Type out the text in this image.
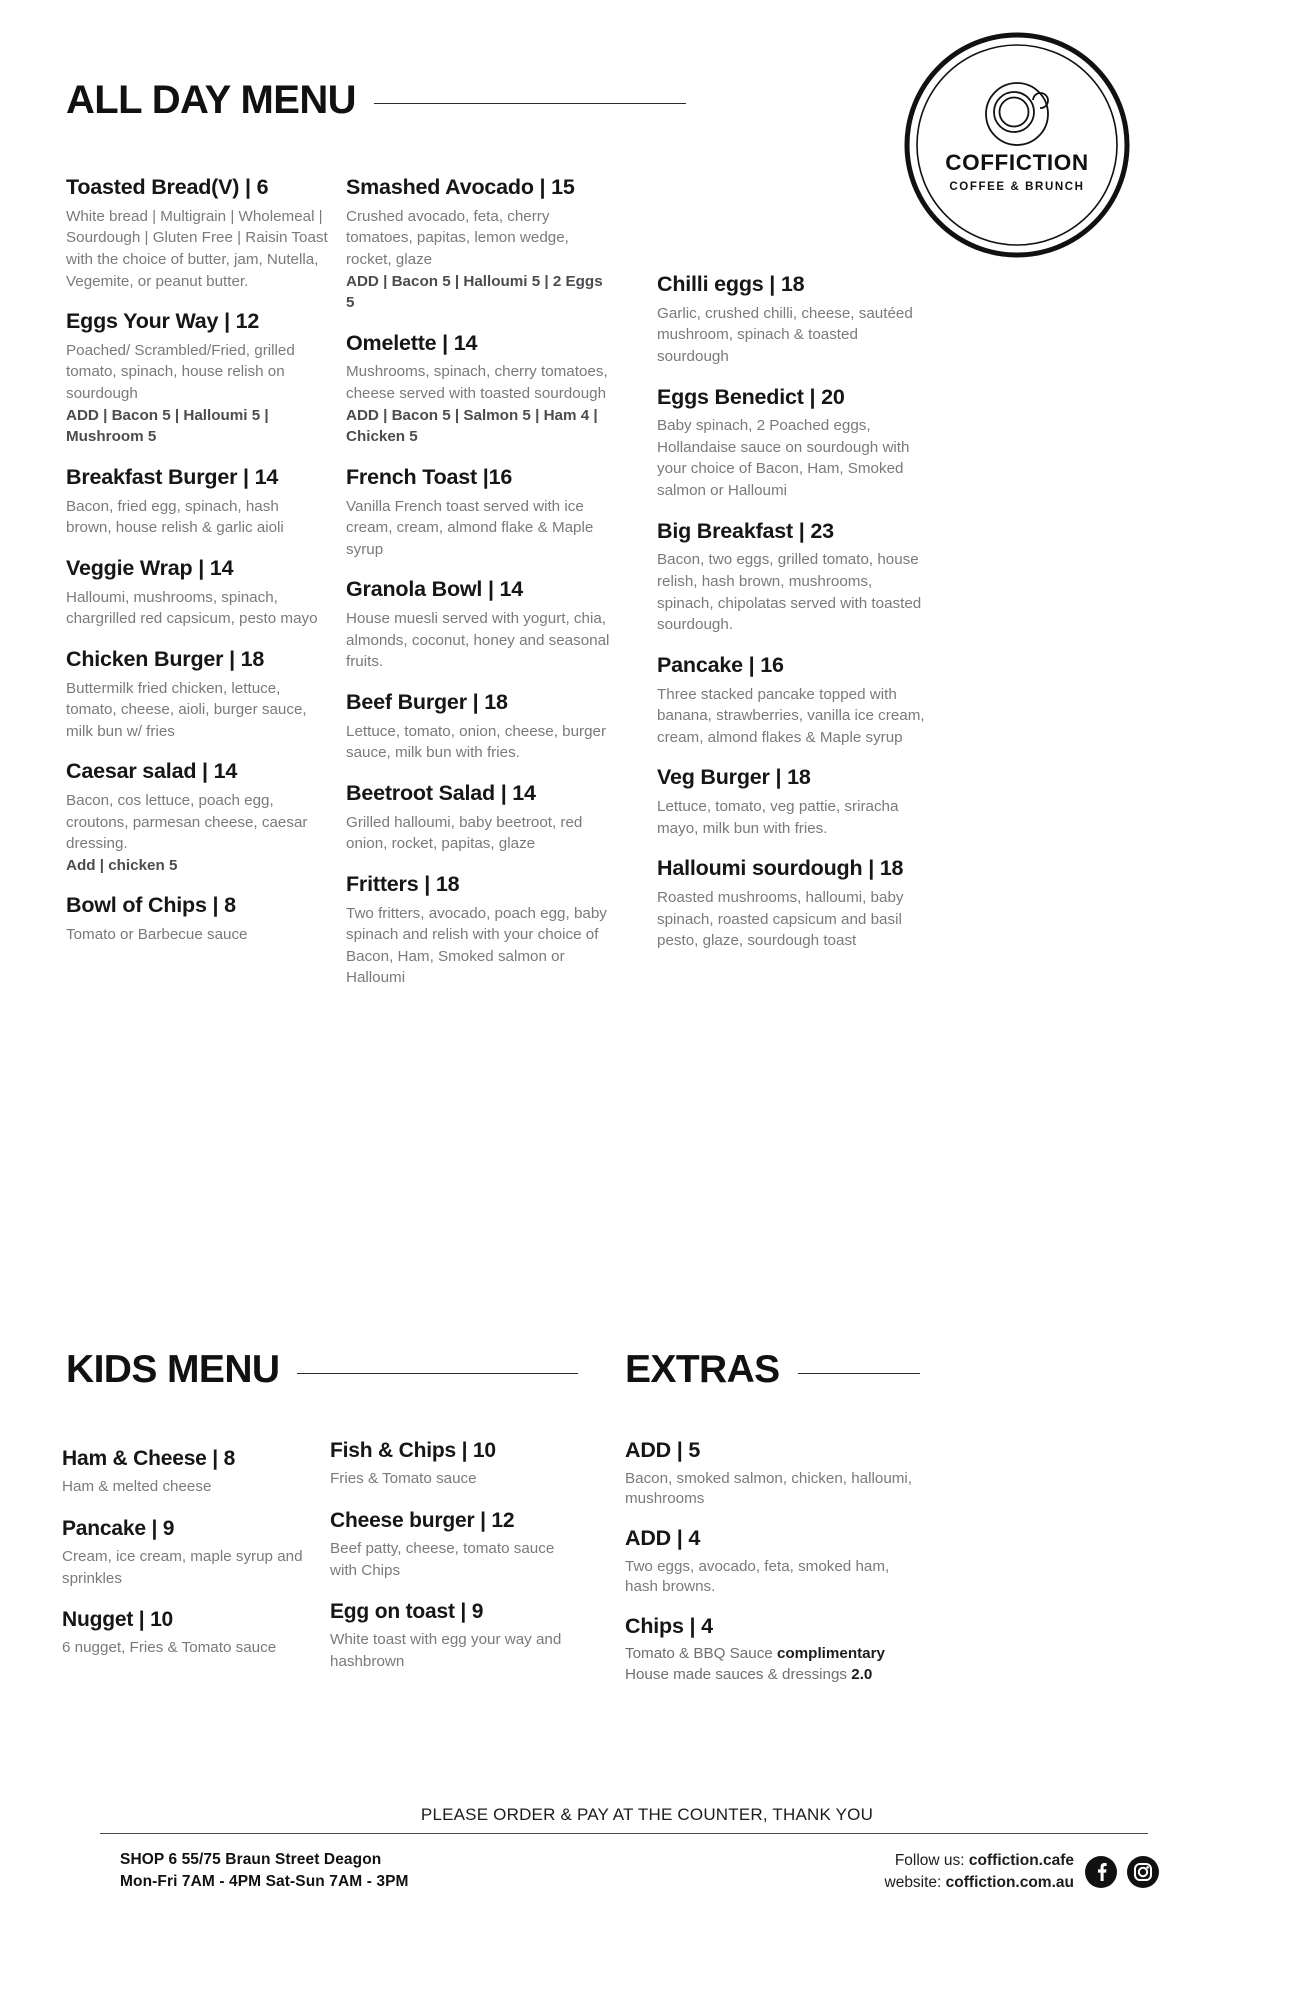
ALL DAY MENU
COFFICTION
COFFEE & BRUNCH
Toasted Bread(V) | 6
White bread | Multigrain | Wholemeal | Sourdough | Gluten Free | Raisin Toast with the choice of butter, jam, Nutella, Vegemite, or peanut butter.
Eggs Your Way | 12
Poached/ Scrambled/Fried, grilled tomato, spinach, house relish on sourdough
ADD | Bacon 5 | Halloumi 5 | Mushroom 5
Breakfast Burger | 14
Bacon, fried egg, spinach, hash brown, house relish & garlic aioli
Veggie Wrap | 14
Halloumi, mushrooms, spinach, chargrilled red capsicum, pesto mayo
Chicken Burger | 18
Buttermilk fried chicken, lettuce, tomato, cheese, aioli, burger sauce, milk bun w/ fries
Caesar salad | 14
Bacon, cos lettuce, poach egg, croutons, parmesan cheese, caesar dressing.
Add | chicken 5
Bowl of Chips | 8
Tomato or Barbecue sauce
Smashed Avocado | 15
Crushed avocado, feta, cherry tomatoes, papitas, lemon wedge, rocket, glaze
ADD | Bacon 5 | Halloumi 5 | 2 Eggs 5
Omelette | 14
Mushrooms, spinach, cherry tomatoes, cheese served with toasted sourdough
ADD | Bacon 5 | Salmon 5 | Ham 4 | Chicken 5
French Toast |16
Vanilla French toast served with ice cream, cream, almond flake & Maple syrup
Granola Bowl | 14
House muesli served with yogurt, chia, almonds, coconut, honey and seasonal fruits.
Beef Burger | 18
Lettuce, tomato, onion, cheese, burger sauce, milk bun with fries.
Beetroot Salad | 14
Grilled halloumi, baby beetroot, red onion, rocket, papitas, glaze
Fritters | 18
Two fritters, avocado, poach egg, baby spinach and relish with your choice of Bacon, Ham, Smoked salmon or Halloumi
Chilli eggs | 18
Garlic, crushed chilli, cheese, sautéed mushroom, spinach & toasted sourdough
Eggs Benedict | 20
Baby spinach, 2 Poached eggs, Hollandaise sauce on sourdough with your choice of Bacon, Ham, Smoked salmon or Halloumi
Big Breakfast | 23
Bacon, two eggs, grilled tomato, house relish, hash brown, mushrooms, spinach, chipolatas served with toasted sourdough.
Pancake | 16
Three stacked pancake topped with banana, strawberries, vanilla ice cream, cream, almond flakes & Maple syrup
Veg Burger | 18
Lettuce, tomato, veg pattie, sriracha mayo, milk bun with fries.
Halloumi sourdough | 18
Roasted mushrooms, halloumi, baby spinach, roasted capsicum and basil pesto, glaze, sourdough toast
KIDS MENU
Ham & Cheese | 8
Ham & melted cheese
Pancake | 9
Cream, ice cream, maple syrup and sprinkles
Nugget | 10
6 nugget, Fries & Tomato sauce
Fish & Chips | 10
Fries & Tomato sauce
Cheese burger | 12
Beef patty, cheese, tomato sauce with Chips
Egg on toast | 9
White toast with egg your way and hashbrown
EXTRAS
ADD | 5
Bacon, smoked salmon, chicken, halloumi, mushrooms
ADD | 4
Two eggs, avocado, feta, smoked ham, hash browns.
Chips | 4
Tomato & BBQ Sauce complimentary
House made sauces & dressings 2.0
PLEASE ORDER & PAY AT THE COUNTER, THANK YOU
SHOP 6 55/75 Braun Street Deagon
Mon-Fri 7AM - 4PM Sat-Sun 7AM - 3PM
Follow us: coffiction.cafe
website: coffiction.com.au
